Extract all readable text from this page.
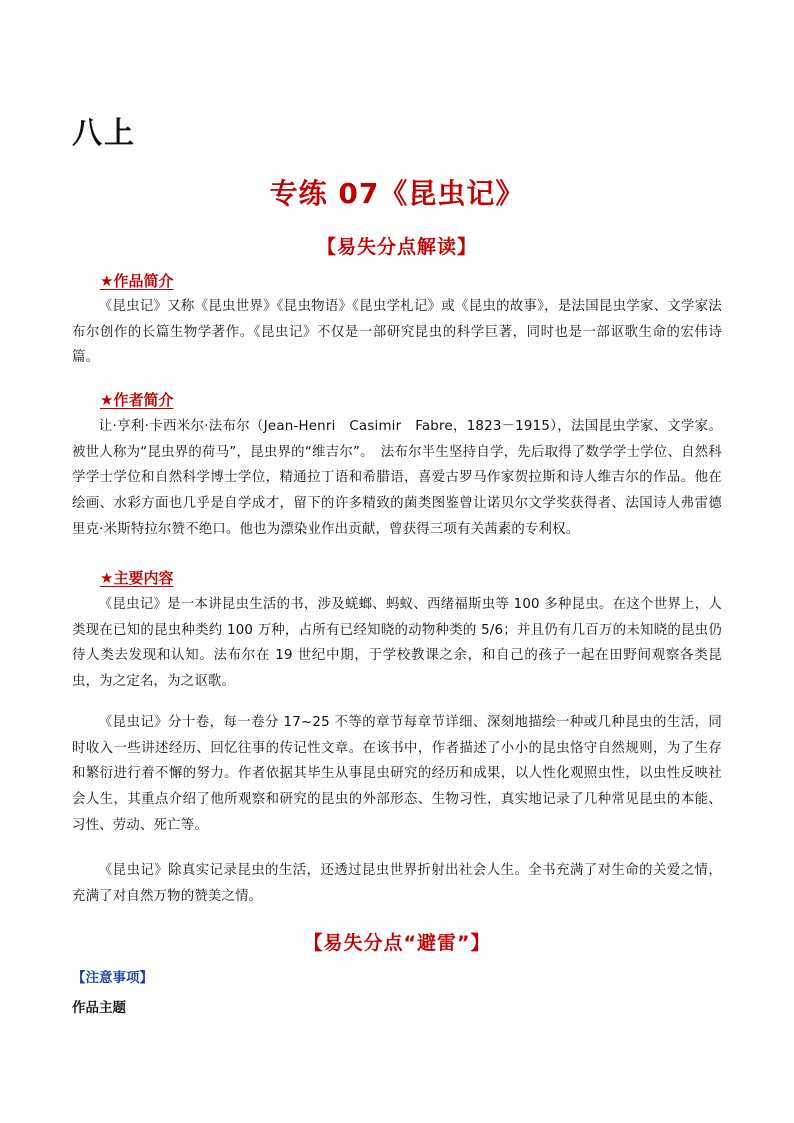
八上
专练 07《昆虫记》
【易失分点解读】
★作品简介

《昆虫记》又称《昆虫世界》《昆虫物语》《昆虫学札记》或《昆虫的故事》，是法国昆虫学家、文学家法布尔创作的长篇生物学著作。《昆虫记》不仅是一部研究昆虫的科学巨著，同时也是一部讴歌生命的宏伟诗篇。

★作者简介

让·亨利·卡西米尔·法布尔（Jean-Henri　Casimir　Fabre，1823－1915），法国昆虫学家、文学家。被世人称为“昆虫界的荷马”，昆虫界的“维吉尔”。　法布尔半生坚持自学，先后取得了数学学士学位、自然科学学士学位和自然科学博士学位，精通拉丁语和希腊语，喜爱古罗马作家贺拉斯和诗人维吉尔的作品。他在绘画、水彩方面也几乎是自学成才，留下的许多精致的菌类图鉴曾让诺贝尔文学奖获得者、法国诗人弗雷德里克·米斯特拉尔赞不绝口。他也为漂染业作出贡献，曾获得三项有关茜素的专利权。

★主要内容

《昆虫记》是一本讲昆虫生活的书，涉及蜣螂、蚂蚁、西绪福斯虫等 100 多种昆虫。在这个世界上，人类现在已知的昆虫种类约 100 万种，占所有已经知晓的动物种类的 5/6；并且仍有几百万的未知晓的昆虫仍待人类去发现和认知。法布尔在 19 世纪中期，于学校教课之余，和自己的孩子一起在田野间观察各类昆虫，为之定名，为之讴歌。

《昆虫记》分十卷，每一卷分 17~25 不等的章节每章节详细、深刻地描绘一种或几种昆虫的生活，同时收入一些讲述经历、回忆往事的传记性文章。在该书中，作者描述了小小的昆虫恪守自然规则，为了生存和繁衍进行着不懈的努力。作者依据其毕生从事昆虫研究的经历和成果，以人性化观照虫性，以虫性反映社会人生，其重点介绍了他所观察和研究的昆虫的外部形态、生物习性，真实地记录了几种常见昆虫的本能、习性、劳动、死亡等。

《昆虫记》除真实记录昆虫的生活，还透过昆虫世界折射出社会人生。全书充满了对生命的关爱之情，充满了对自然万物的赞美之情。

【易失分点“避雷”】
【注意事项】
作品主题
